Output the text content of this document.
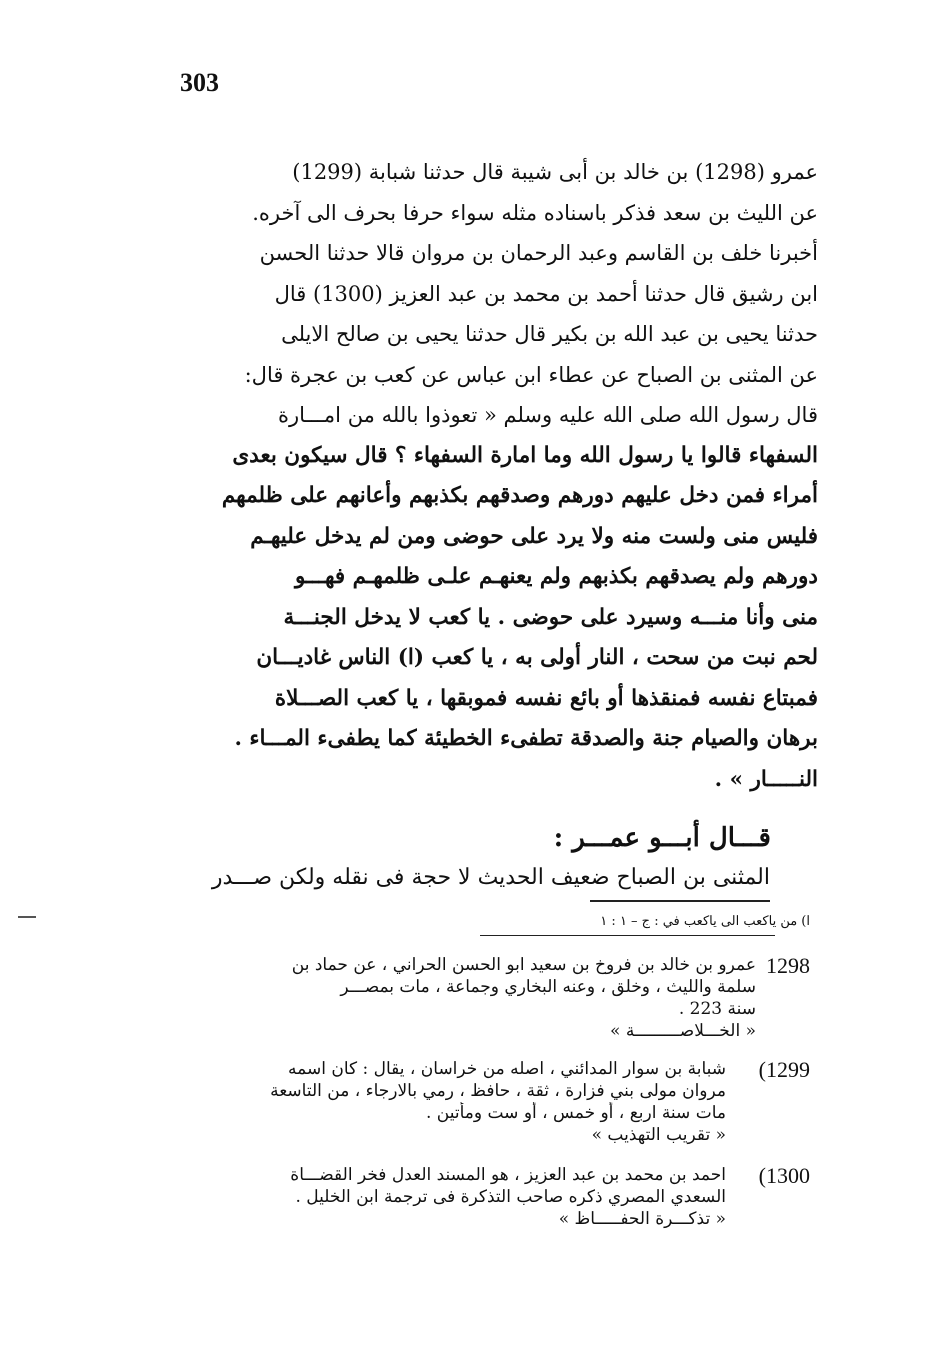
303
عمرو (1298) بن خالد بن أبى شيبة قال حدثنا شبابة (1299)
عن الليث بن سعد فذكر باسناده مثله سواء حرفا بحرف الى آخره.
أخبرنا خلف بن القاسم وعبد الرحمان بن مروان قالا حدثنا الحسن
ابن رشيق قال حدثنا أحمد بن محمد بن عبد العزيز (1300) قال
حدثنا يحيى بن عبد الله بن بكير قال حدثنا يحيى بن صالح الايلى
عن المثنى بن الصباح عن عطاء ابن عباس عن كعب بن عجرة قال:
قال رسول الله صلى الله عليه وسلم « تعوذوا بالله من امـــارة
السفهاء قالوا يا رسول الله وما امارة السفهاء ؟ قال سيكون بعدى
أمراء فمن دخل عليهم دورهم وصدقهم بكذبهم وأعانهم على ظلمهم
فليس منى ولست منه ولا يرد على حوضى ومن لم يدخل عليهـم
دورهم ولم يصدقهم بكذبهم ولم يعنهـم علـى ظلمهـم فهـــو
منى وأنا منـــه وسيرد على حوضى . يا كعب لا يدخل الجنـــة
لحم نبت من سحت ، النار أولى به ، يا كعب (ا) الناس غاديـــان
فمبتاع نفسه فمنقذها أو بائع نفسه فموبقها ، يا كعب الصـــلاة
برهان والصيام جنة والصدقة تطفىء الخطيئة كما يطفىء المـــاء .
النـــــار » .
قـــال أبـــو عمـــر :
المثنى بن الصباح ضعيف الحديث لا حجة فى نقله ولكن صـــدر
ا) من ياكعب الى ياكعب في : ج – ١ : ١
1298
عمرو بن خالد بن فروخ بن سعيد ابو الحسن الحراني ، عن حماد بن
سلمة والليث ، وخلق ، وعنه البخاري وجماعة ، مات بمصـــر
سنة 223 .
« الخـــلاصـــــــــة »
(1299
شبابة بن سوار المدائني ، اصله من خراسان ، يقال : كان اسمه
مروان مولى بني فزارة ، ثقة ، حافظ ، رمي بالارجاء ، من التاسعة
مات سنة اربع ، أو خمس ، أو ست ومأتين .
« تقريب التهذيب »
(1300
احمد بن محمد بن عبد العزيز ، هو المسند العدل فخر القضـــاة
السعدي المصري ذكره صاحب التذكرة فى ترجمة ابن الخليل .
« تذكـــرة الحفـــــاظ »
